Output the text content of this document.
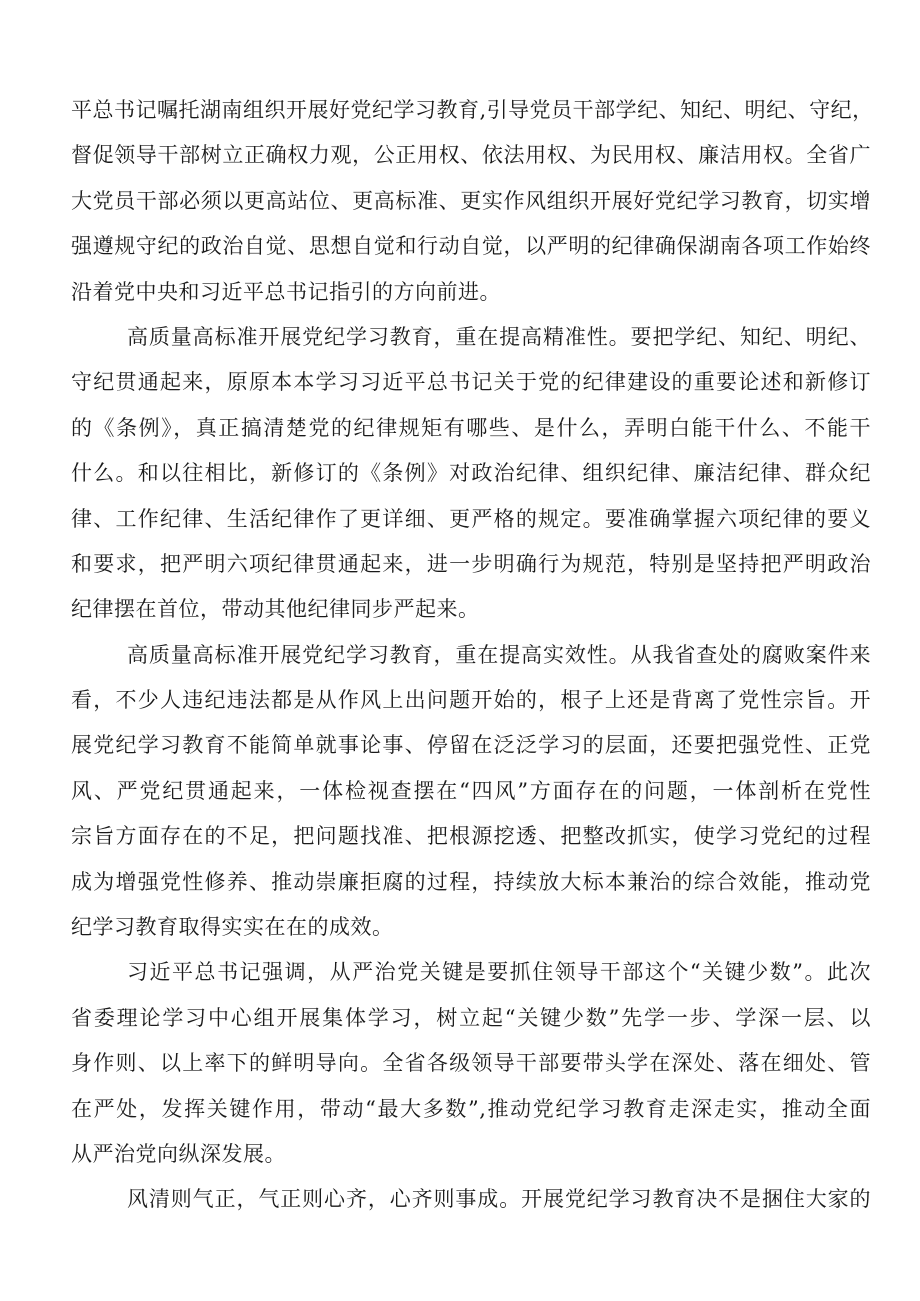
平总书记嘱托湖南组织开展好党纪学习教育,引导党员干部学纪、知纪、明纪、守纪，
督促领导干部树立正确权力观，公正用权、依法用权、为民用权、廉洁用权。全省广
大党员干部必须以更高站位、更高标准、更实作风组织开展好党纪学习教育，切实增
强遵规守纪的政治自觉、思想自觉和行动自觉，以严明的纪律确保湖南各项工作始终
沿着党中央和习近平总书记指引的方向前进。
高质量高标准开展党纪学习教育，重在提高精准性。要把学纪、知纪、明纪、
守纪贯通起来，原原本本学习习近平总书记关于党的纪律建设的重要论述和新修订
的《条例》，真正搞清楚党的纪律规矩有哪些、是什么，弄明白能干什么、不能干
什么。和以往相比，新修订的《条例》对政治纪律、组织纪律、廉洁纪律、群众纪
律、工作纪律、生活纪律作了更详细、更严格的规定。要准确掌握六项纪律的要义
和要求，把严明六项纪律贯通起来，进一步明确行为规范，特别是坚持把严明政治
纪律摆在首位，带动其他纪律同步严起来。
高质量高标准开展党纪学习教育，重在提高实效性。从我省查处的腐败案件来
看，不少人违纪违法都是从作风上出问题开始的，根子上还是背离了党性宗旨。开
展党纪学习教育不能简单就事论事、停留在泛泛学习的层面，还要把强党性、正党
风、严党纪贯通起来，一体检视查摆在“四风”方面存在的问题，一体剖析在党性
宗旨方面存在的不足，把问题找准、把根源挖透、把整改抓实，使学习党纪的过程
成为增强党性修养、推动崇廉拒腐的过程，持续放大标本兼治的综合效能，推动党
纪学习教育取得实实在在的成效。
习近平总书记强调，从严治党关键是要抓住领导干部这个“关键少数”。此次
省委理论学习中心组开展集体学习，树立起“关键少数”先学一步、学深一层、以
身作则、以上率下的鲜明导向。全省各级领导干部要带头学在深处、落在细处、管
在严处，发挥关键作用，带动“最大多数”,推动党纪学习教育走深走实，推动全面
从严治党向纵深发展。
风清则气正，气正则心齐，心齐则事成。开展党纪学习教育决不是捆住大家的
